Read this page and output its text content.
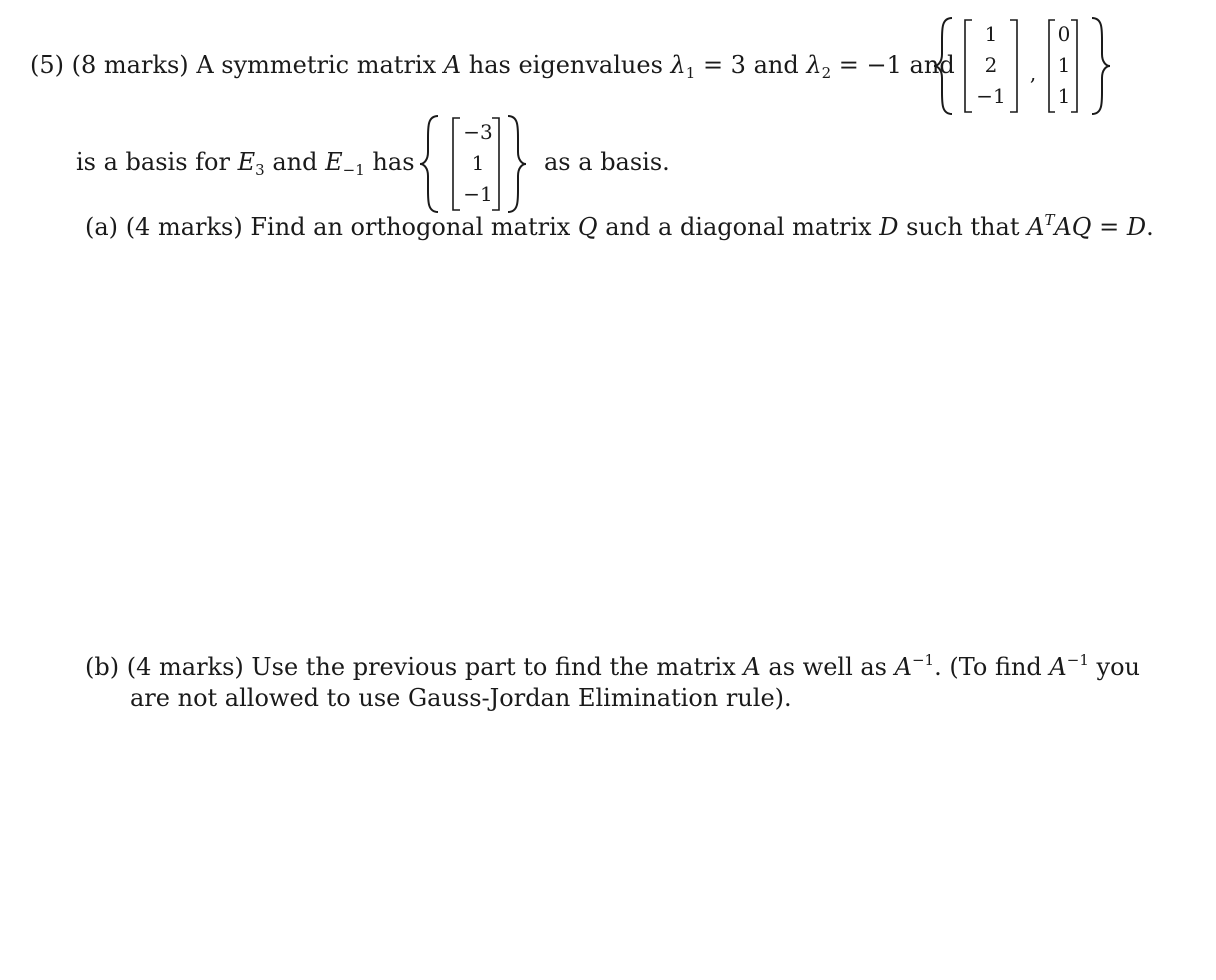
(5) (8 marks) A symmetric matrix A has eigenvalues $\lambda_1 = 3$ and $\lambda_2 = -1$ and
1
2
−1
,
0
1
1
is a basis for $E_3$ and $E_{-1}$ has
−3
1
−1
as a basis.
(a) (4 marks) Find an orthogonal matrix Q and a diagonal matrix D such that $A^TAQ = D$.
(b) (4 marks) Use the previous part to find the matrix A as well as $A^{-1}$. (To find $A^{-1}$ you
are not allowed to use Gauss-Jordan Elimination rule).
